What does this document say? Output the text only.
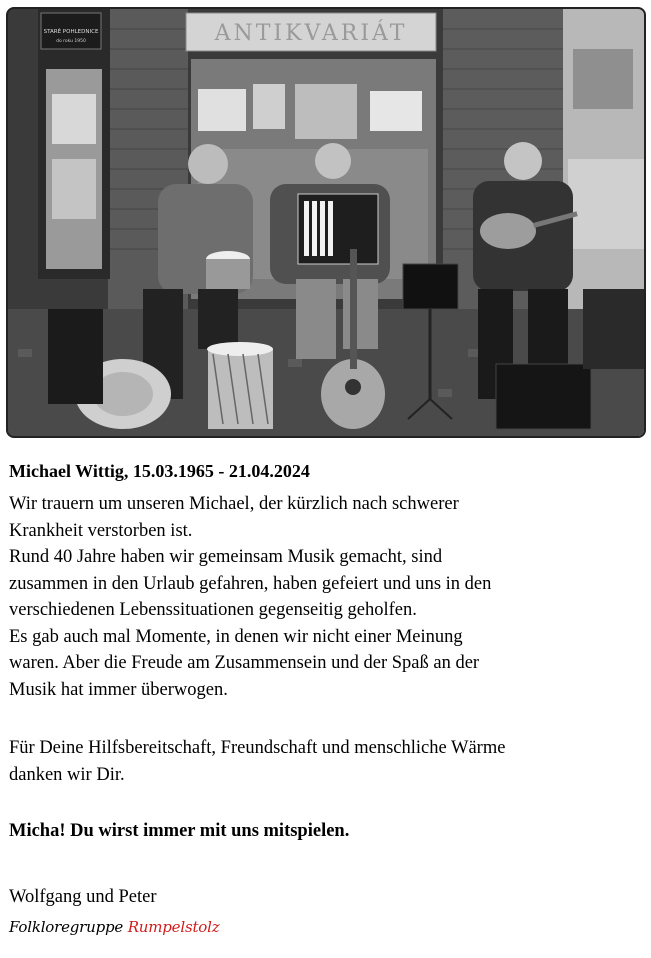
STARÉ POHLEDNICE
do roku 1950	ANTIKVARIÁT

Michael Wittig, 15.03.1965 - 21.04.2024

Wir trauern um unseren Michael, der kürzlich nach schwerer
Krankheit verstorben ist.
Rund 40 Jahre haben wir gemeinsam Musik gemacht, sind
zusammen in den Urlaub gefahren, haben gefeiert und uns in den
verschiedenen Lebenssituationen gegenseitig geholfen.
Es gab auch mal Momente, in denen wir nicht einer Meinung
waren. Aber die Freude am Zusammensein und der Spaß an der
Musik hat immer überwogen.
Für Deine Hilfsbereitschaft, Freundschaft und menschliche Wärme
danken wir Dir.
Micha! Du wirst immer mit uns mitspielen.
Wolfgang und Peter
Folkloregruppe Rumpelstolz
